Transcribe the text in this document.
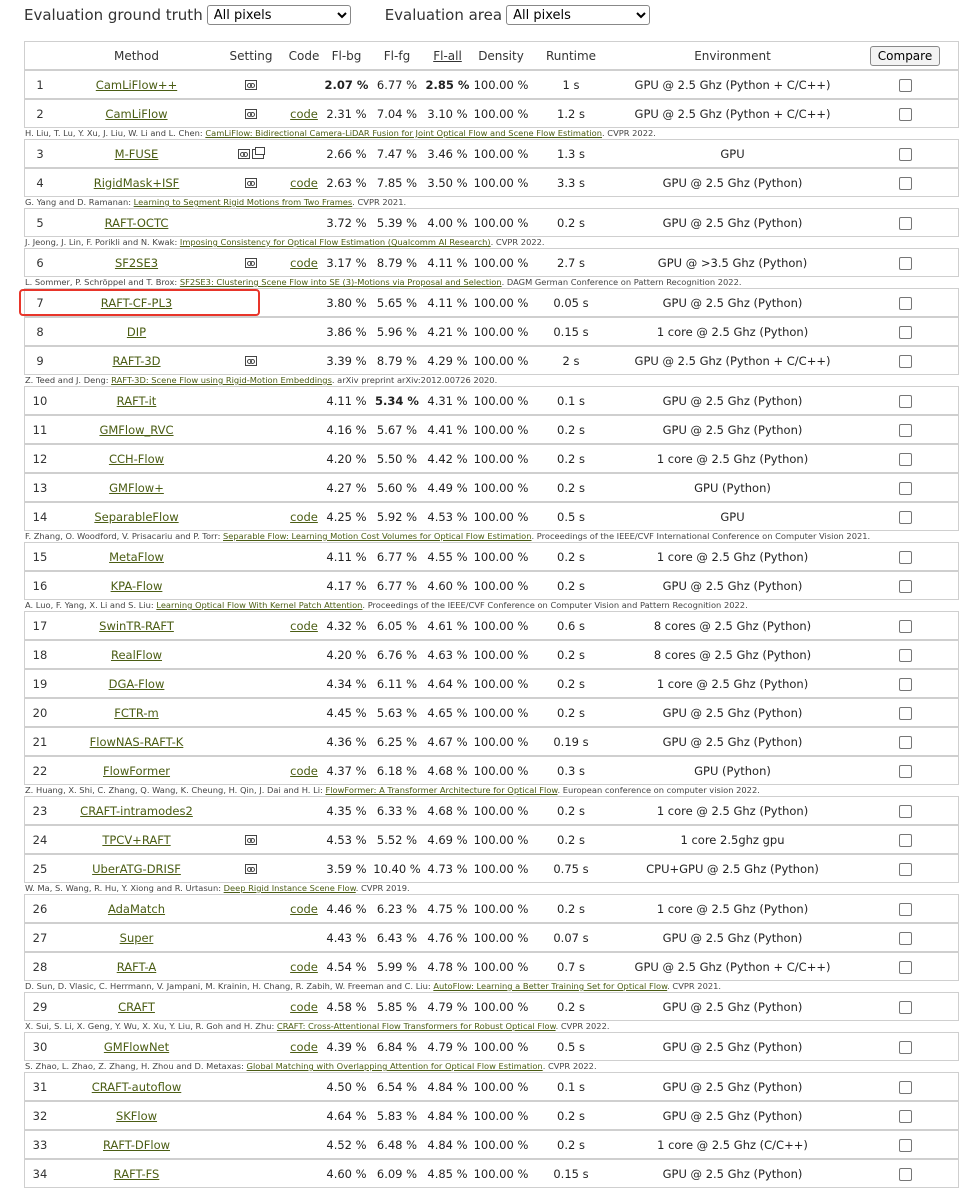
Evaluation ground truth
All pixels	Evaluation area
All pixels
Method	Setting	Code	Fl-bg	Fl-fg	Fl-all	Density	Runtime	Environment	Compare
1	CamLiFlow++	2.07 % 6.77 % 2.85 % 100.00 %	1 s	GPU @ 2.5 Ghz (Python + C/C++)
2	CamLiFlow	code 2.31 % 7.04 % 3.10 % 100.00 %	1.2 s	GPU @ 2.5 Ghz (Python + C/C++)
H. Liu, T. Lu, Y. Xu, J. Liu, W. Li and L. Chen: CamLiFlow: Bidirectional Camera-LiDAR Fusion for Joint Optical Flow and Scene Flow Estimation. CVPR 2022.
3	M-FUSE	2.66 % 7.47 % 3.46 % 100.00 %	1.3 s	GPU
4	RigidMask+ISF	code 2.63 % 7.85 % 3.50 % 100.00 %	3.3 s	GPU @ 2.5 Ghz (Python)
G. Yang and D. Ramanan: Learning to Segment Rigid Motions from Two Frames. CVPR 2021.
5	RAFT-OCTC	3.72 % 5.39 % 4.00 % 100.00 %	0.2 s	GPU @ 2.5 Ghz (Python)
J. Jeong, J. Lin, F. Porikli and N. Kwak: Imposing Consistency for Optical Flow Estimation (Qualcomm AI Research). CVPR 2022.
6	SF2SE3	code 3.17 % 8.79 % 4.11 % 100.00 %	2.7 s	GPU @ >3.5 Ghz (Python)
L. Sommer, P. Schröppel and T. Brox: SF2SE3: Clustering Scene Flow into SE (3)-Motions via Proposal and Selection. DAGM German Conference on Pattern Recognition 2022.
7	RAFT-CF-PL3	3.80 % 5.65 % 4.11 % 100.00 %	0.05 s	GPU @ 2.5 Ghz (Python)
8	DIP	3.86 % 5.96 % 4.21 % 100.00 %	0.15 s	1 core @ 2.5 Ghz (Python)
9	RAFT-3D	3.39 % 8.79 % 4.29 % 100.00 %	2 s	GPU @ 2.5 Ghz (Python + C/C++)
Z. Teed and J. Deng: RAFT-3D: Scene Flow using Rigid-Motion Embeddings. arXiv preprint arXiv:2012.00726 2020.
10	RAFT-it	4.11 % 5.34 % 4.31 % 100.00 %	0.1 s	GPU @ 2.5 Ghz (Python)
11	GMFlow_RVC	4.16 % 5.67 % 4.41 % 100.00 %	0.2 s	GPU @ 2.5 Ghz (Python)
12	CCH-Flow	4.20 % 5.50 % 4.42 % 100.00 %	0.2 s	1 core @ 2.5 Ghz (Python)
13	GMFlow+	4.27 % 5.60 % 4.49 % 100.00 %	0.2 s	GPU (Python)
14	SeparableFlow	code 4.25 % 5.92 % 4.53 % 100.00 %	0.5 s	GPU
F. Zhang, O. Woodford, V. Prisacariu and P. Torr: Separable Flow: Learning Motion Cost Volumes for Optical Flow Estimation. Proceedings of the IEEE/CVF International Conference on Computer Vision 2021.
15	MetaFlow	4.11 % 6.77 % 4.55 % 100.00 %	0.2 s	1 core @ 2.5 Ghz (Python)
16	KPA-Flow	4.17 % 6.77 % 4.60 % 100.00 %	0.2 s	GPU @ 2.5 Ghz (Python)
A. Luo, F. Yang, X. Li and S. Liu: Learning Optical Flow With Kernel Patch Attention. Proceedings of the IEEE/CVF Conference on Computer Vision and Pattern Recognition 2022.
17	SwinTR-RAFT	code 4.32 % 6.05 % 4.61 % 100.00 %	0.6 s	8 cores @ 2.5 Ghz (Python)
18	RealFlow	4.20 % 6.76 % 4.63 % 100.00 %	0.2 s	8 cores @ 2.5 Ghz (Python)
19	DGA-Flow	4.34 % 6.11 % 4.64 % 100.00 %	0.2 s	1 core @ 2.5 Ghz (Python)
20	FCTR-m	4.45 % 5.63 % 4.65 % 100.00 %	0.2 s	GPU @ 2.5 Ghz (Python)
21	FlowNAS-RAFT-K	4.36 % 6.25 % 4.67 % 100.00 %	0.19 s	GPU @ 2.5 Ghz (Python)
22	FlowFormer	code 4.37 % 6.18 % 4.68 % 100.00 %	0.3 s	GPU (Python)
Z. Huang, X. Shi, C. Zhang, Q. Wang, K. Cheung, H. Qin, J. Dai and H. Li: FlowFormer: A Transformer Architecture for Optical Flow. European conference on computer vision 2022.
23	CRAFT-intramodes2	4.35 % 6.33 % 4.68 % 100.00 %	0.2 s	1 core @ 2.5 Ghz (Python)
24	TPCV+RAFT	4.53 % 5.52 % 4.69 % 100.00 %	0.2 s	1 core 2.5ghz gpu
25	UberATG-DRISF	3.59 % 10.40 % 4.73 % 100.00 %	0.75 s	CPU+GPU @ 2.5 Ghz (Python)
W. Ma, S. Wang, R. Hu, Y. Xiong and R. Urtasun: Deep Rigid Instance Scene Flow. CVPR 2019.
26	AdaMatch	code 4.46 % 6.23 % 4.75 % 100.00 %	0.2 s	1 core @ 2.5 Ghz (Python)
27	Super	4.43 % 6.43 % 4.76 % 100.00 %	0.07 s	GPU @ 2.5 Ghz (Python)
28	RAFT-A	code 4.54 % 5.99 % 4.78 % 100.00 %	0.7 s	GPU @ 2.5 Ghz (Python + C/C++)
D. Sun, D. Vlasic, C. Herrmann, V. Jampani, M. Krainin, H. Chang, R. Zabih, W. Freeman and C. Liu: AutoFlow: Learning a Better Training Set for Optical Flow. CVPR 2021.
29	CRAFT	code 4.58 % 5.85 % 4.79 % 100.00 %	0.2 s	GPU @ 2.5 Ghz (Python)
X. Sui, S. Li, X. Geng, Y. Wu, X. Xu, Y. Liu, R. Goh and H. Zhu: CRAFT: Cross-Attentional Flow Transformers for Robust Optical Flow. CVPR 2022.
30	GMFlowNet	code 4.39 % 6.84 % 4.79 % 100.00 %	0.5 s	GPU @ 2.5 Ghz (Python)
S. Zhao, L. Zhao, Z. Zhang, H. Zhou and D. Metaxas: Global Matching with Overlapping Attention for Optical Flow Estimation. CVPR 2022.
31	CRAFT-autoflow	4.50 % 6.54 % 4.84 % 100.00 %	0.1 s	GPU @ 2.5 Ghz (Python)
32	SKFlow	4.64 % 5.83 % 4.84 % 100.00 %	0.2 s	GPU @ 2.5 Ghz (Python)
33	RAFT-DFlow	4.52 % 6.48 % 4.84 % 100.00 %	0.2 s	1 core @ 2.5 Ghz (C/C++)
34	RAFT-FS	4.60 % 6.09 % 4.85 % 100.00 %	0.15 s	GPU @ 2.5 Ghz (Python)
